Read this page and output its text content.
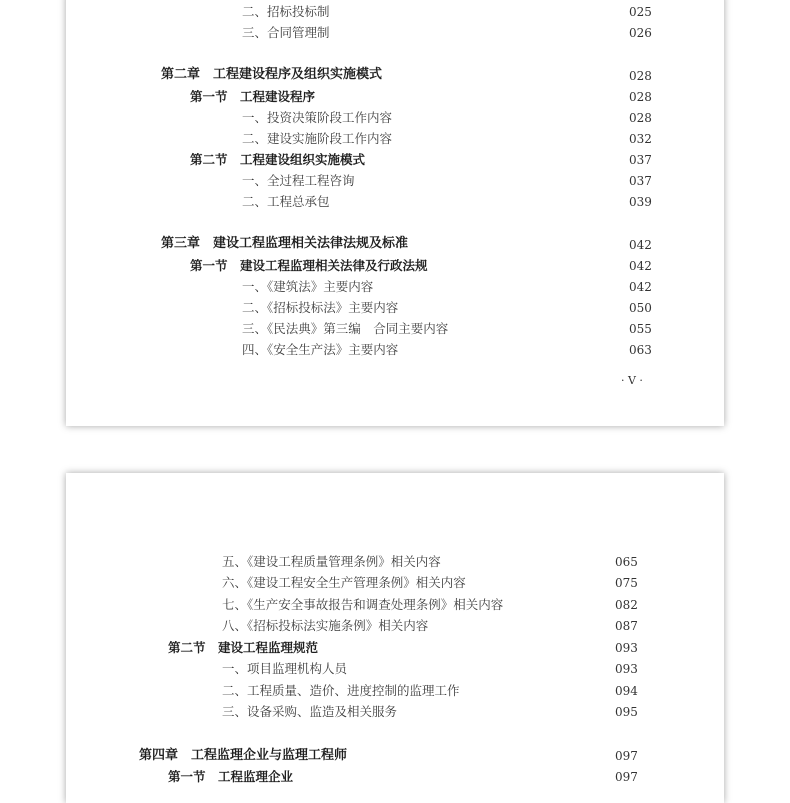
二、招标投标制	025
三、合同管理制	026
第二章　工程建设程序及组织实施模式	028
第一节　工程建设程序	028
一、投资决策阶段工作内容	028
二、建设实施阶段工作内容	032
第二节　工程建设组织实施模式	037
一、全过程工程咨询	037
二、工程总承包	039
第三章　建设工程监理相关法律法规及标准	042
第一节　建设工程监理相关法律及行政法规	042
一、《建筑法》主要内容	042
二、《招标投标法》主要内容	050
三、《民法典》第三编　合同主要内容	055
四、《安全生产法》主要内容	063
· V ·
五、《建设工程质量管理条例》相关内容	065
六、《建设工程安全生产管理条例》相关内容	075
七、《生产安全事故报告和调查处理条例》相关内容	082
八、《招标投标法实施条例》相关内容	087
第二节　建设工程监理规范	093
一、项目监理机构人员	093
二、工程质量、造价、进度控制的监理工作	094
三、设备采购、监造及相关服务	095
第四章　工程监理企业与监理工程师	097
第一节　工程监理企业	097
